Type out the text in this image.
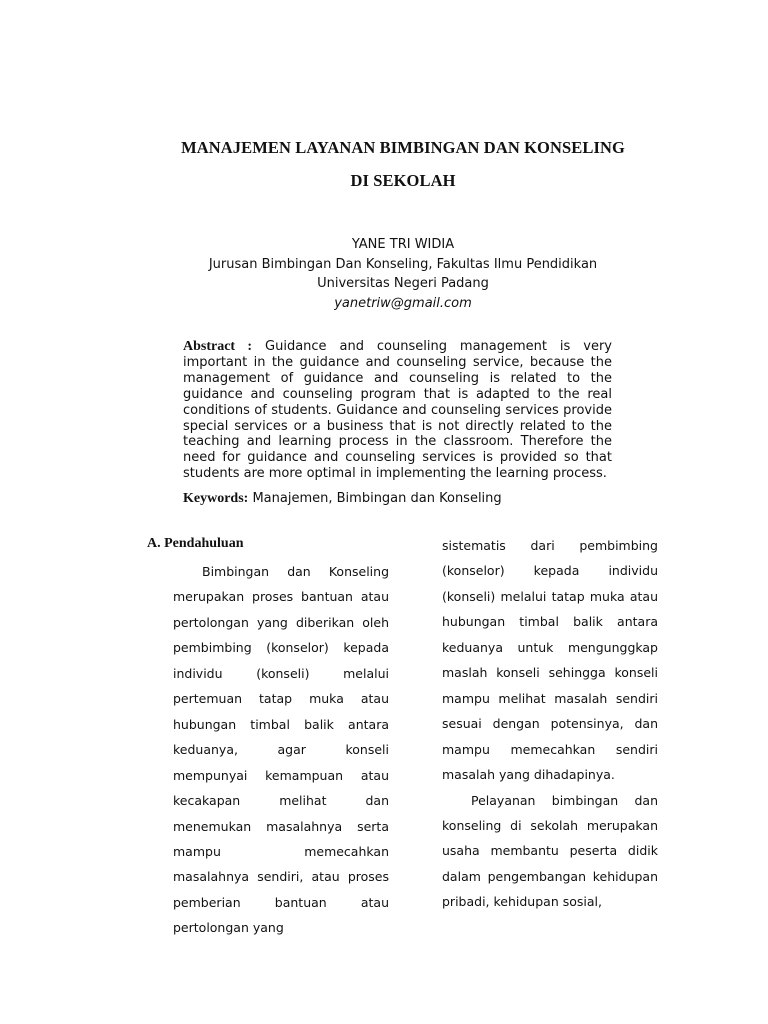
MANAJEMEN LAYANAN BIMBINGAN DAN KONSELING
DI SEKOLAH
YANE TRI WIDIA
Jurusan Bimbingan Dan Konseling, Fakultas Ilmu Pendidikan
Universitas Negeri Padang
yanetriw@gmail.com
Abstract : Guidance and counseling management is very important in the guidance and counseling service, because the management of guidance and counseling is related to the guidance and counseling program that is adapted to the real conditions of students. Guidance and counseling services provide special services or a business that is not directly related to the teaching and learning process in the classroom. Therefore the need for guidance and counseling services is provided so that students are more optimal in implementing the learning process.
Keywords: Manajemen, Bimbingan dan Konseling
A. Pendahuluan

Bimbingan dan Konseling merupakan proses bantuan atau pertolongan yang diberikan oleh pembimbing (konselor) kepada individu (konseli) melalui pertemuan tatap muka atau hubungan timbal balik antara keduanya, agar konseli mempunyai kemampuan atau kecakapan melihat dan menemukan masalahnya serta mampu memecahkan masalahnya sendiri, atau proses pemberian bantuan atau pertolongan yang

sistematis dari pembimbing (konselor) kepada individu (konseli) melalui tatap muka atau hubungan timbal balik antara keduanya untuk mengunggkap maslah konseli sehingga konseli mampu melihat masalah sendiri sesuai dengan potensinya, dan mampu memecahkan sendiri masalah yang dihadapinya.

Pelayanan bimbingan dan konseling di sekolah merupakan usaha membantu peserta didik dalam pengembangan kehidupan pribadi, kehidupan sosial,
